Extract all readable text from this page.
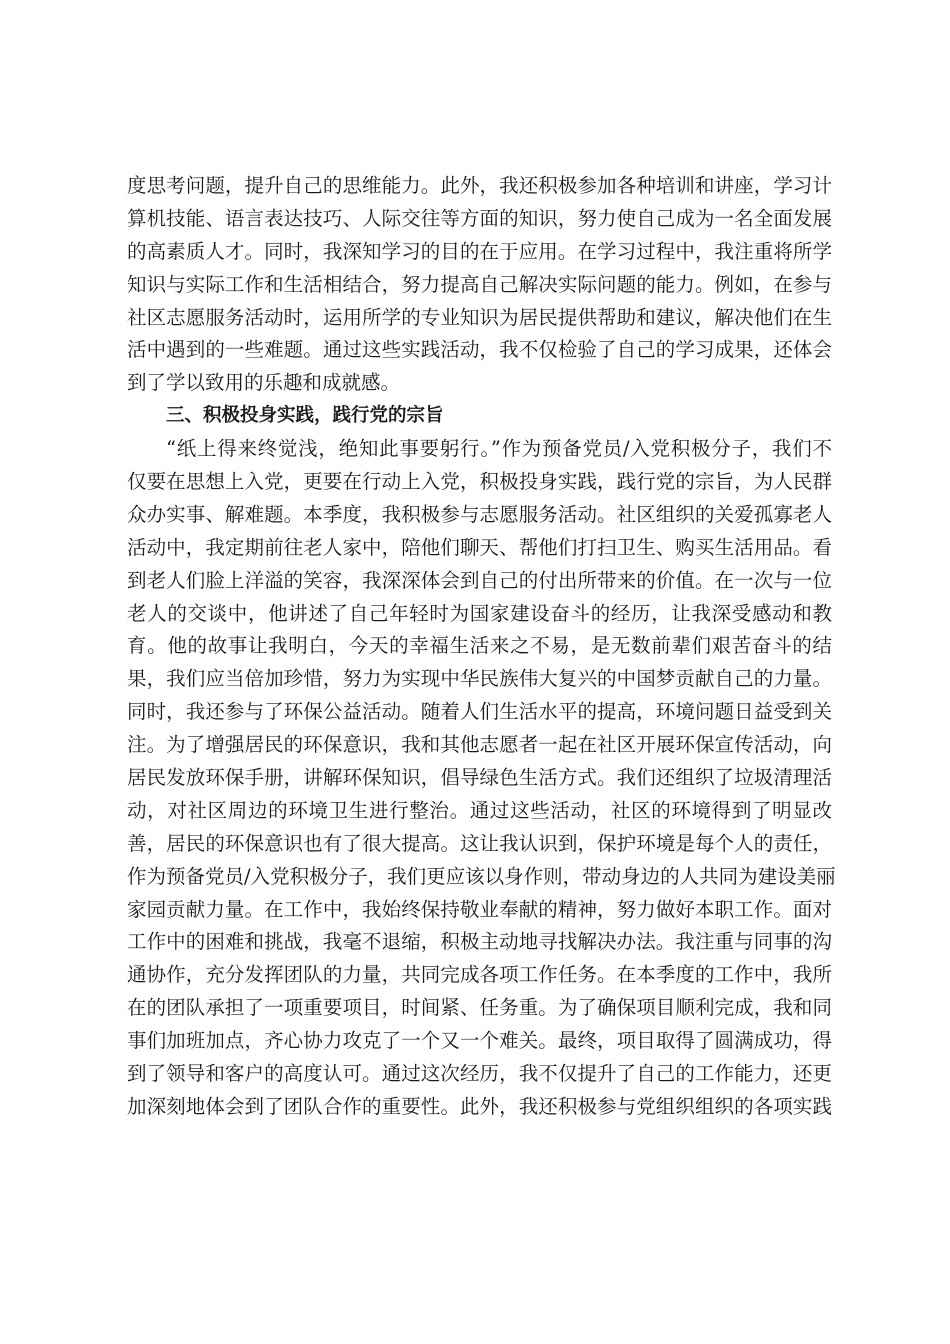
度思考问题，提升自己的思维能力。此外，我还积极参加各种培训和讲座，学习计
算机技能、语言表达技巧、人际交往等方面的知识，努力使自己成为一名全面发展
的高素质人才。同时，我深知学习的目的在于应用。在学习过程中，我注重将所学
知识与实际工作和生活相结合，努力提高自己解决实际问题的能力。例如，在参与
社区志愿服务活动时，运用所学的专业知识为居民提供帮助和建议，解决他们在生
活中遇到的一些难题。通过这些实践活动，我不仅检验了自己的学习成果，还体会
到了学以致用的乐趣和成就感。
三、积极投身实践，践行党的宗旨
“纸上得来终觉浅，绝知此事要躬行。”作为预备党员/入党积极分子，我们不
仅要在思想上入党，更要在行动上入党，积极投身实践，践行党的宗旨，为人民群
众办实事、解难题。本季度，我积极参与志愿服务活动。社区组织的关爱孤寡老人
活动中，我定期前往老人家中，陪他们聊天、帮他们打扫卫生、购买生活用品。看
到老人们脸上洋溢的笑容，我深深体会到自己的付出所带来的价值。在一次与一位
老人的交谈中，他讲述了自己年轻时为国家建设奋斗的经历，让我深受感动和教
育。他的故事让我明白，今天的幸福生活来之不易，是无数前辈们艰苦奋斗的结
果，我们应当倍加珍惜，努力为实现中华民族伟大复兴的中国梦贡献自己的力量。
同时，我还参与了环保公益活动。随着人们生活水平的提高，环境问题日益受到关
注。为了增强居民的环保意识，我和其他志愿者一起在社区开展环保宣传活动，向
居民发放环保手册，讲解环保知识，倡导绿色生活方式。我们还组织了垃圾清理活
动，对社区周边的环境卫生进行整治。通过这些活动，社区的环境得到了明显改
善，居民的环保意识也有了很大提高。这让我认识到，保护环境是每个人的责任，
作为预备党员/入党积极分子，我们更应该以身作则，带动身边的人共同为建设美丽
家园贡献力量。在工作中，我始终保持敬业奉献的精神，努力做好本职工作。面对
工作中的困难和挑战，我毫不退缩，积极主动地寻找解决办法。我注重与同事的沟
通协作，充分发挥团队的力量，共同完成各项工作任务。在本季度的工作中，我所
在的团队承担了一项重要项目，时间紧、任务重。为了确保项目顺利完成，我和同
事们加班加点，齐心协力攻克了一个又一个难关。最终，项目取得了圆满成功，得
到了领导和客户的高度认可。通过这次经历，我不仅提升了自己的工作能力，还更
加深刻地体会到了团队合作的重要性。此外，我还积极参与党组织组织的各项实践
